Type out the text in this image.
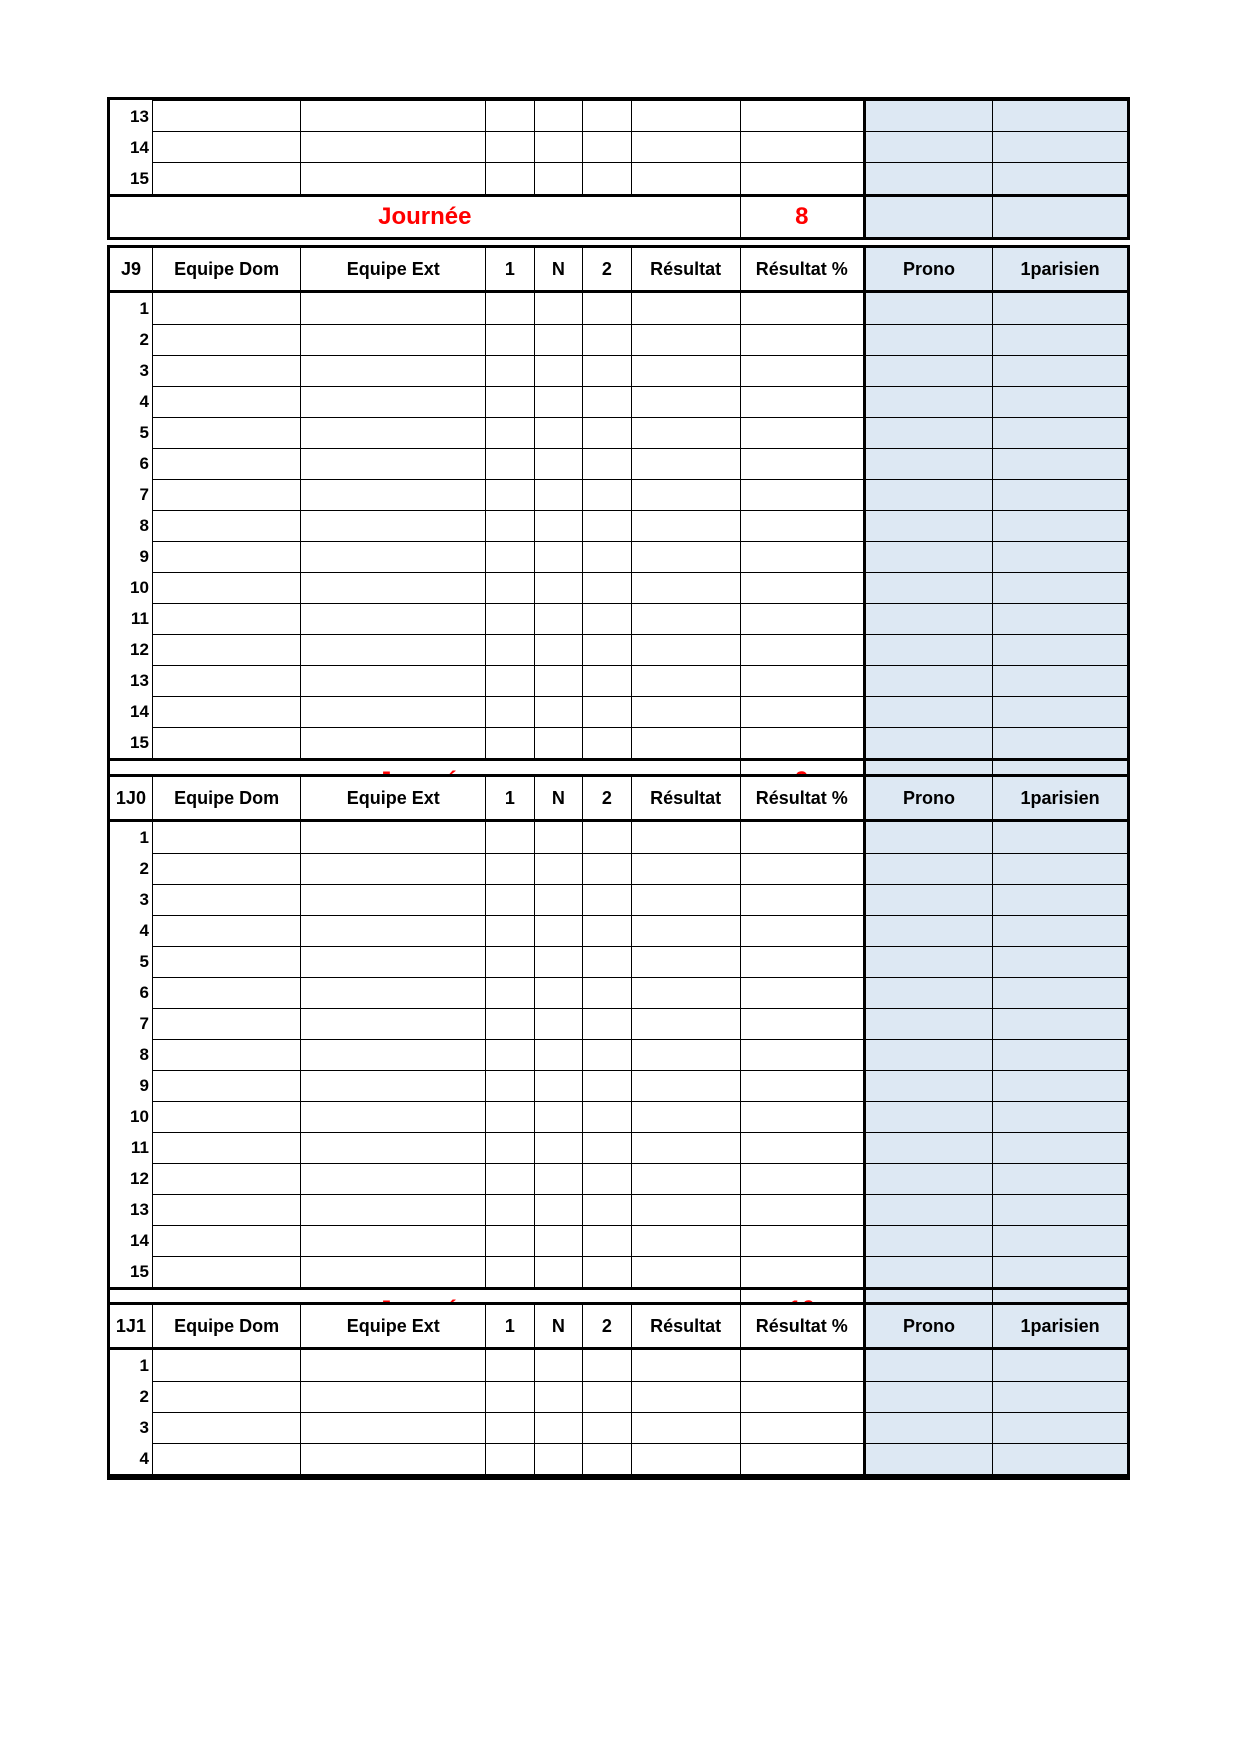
13									
14									
15									
Journée							8		
J9	Equipe Dom	Equipe Ext	1	N	2	Résultat	Résultat %	Prono	1parisien
1									
2									
3									
4									
5									
6									
7									
8									
9									
10									
11									
12									
13									
14									
15									

1J0	Equipe Dom	Equipe Ext	1	N	2	Résultat	Résultat %	Prono	1parisien
1									
2									
3									
4									
5									
6									
7									
8									
9									
10									
11									
12									
13									
14									
15									

1J1	Equipe Dom	Equipe Ext	1	N	2	Résultat	Résultat %	Prono	1parisien
1									
2									
3									
4									
